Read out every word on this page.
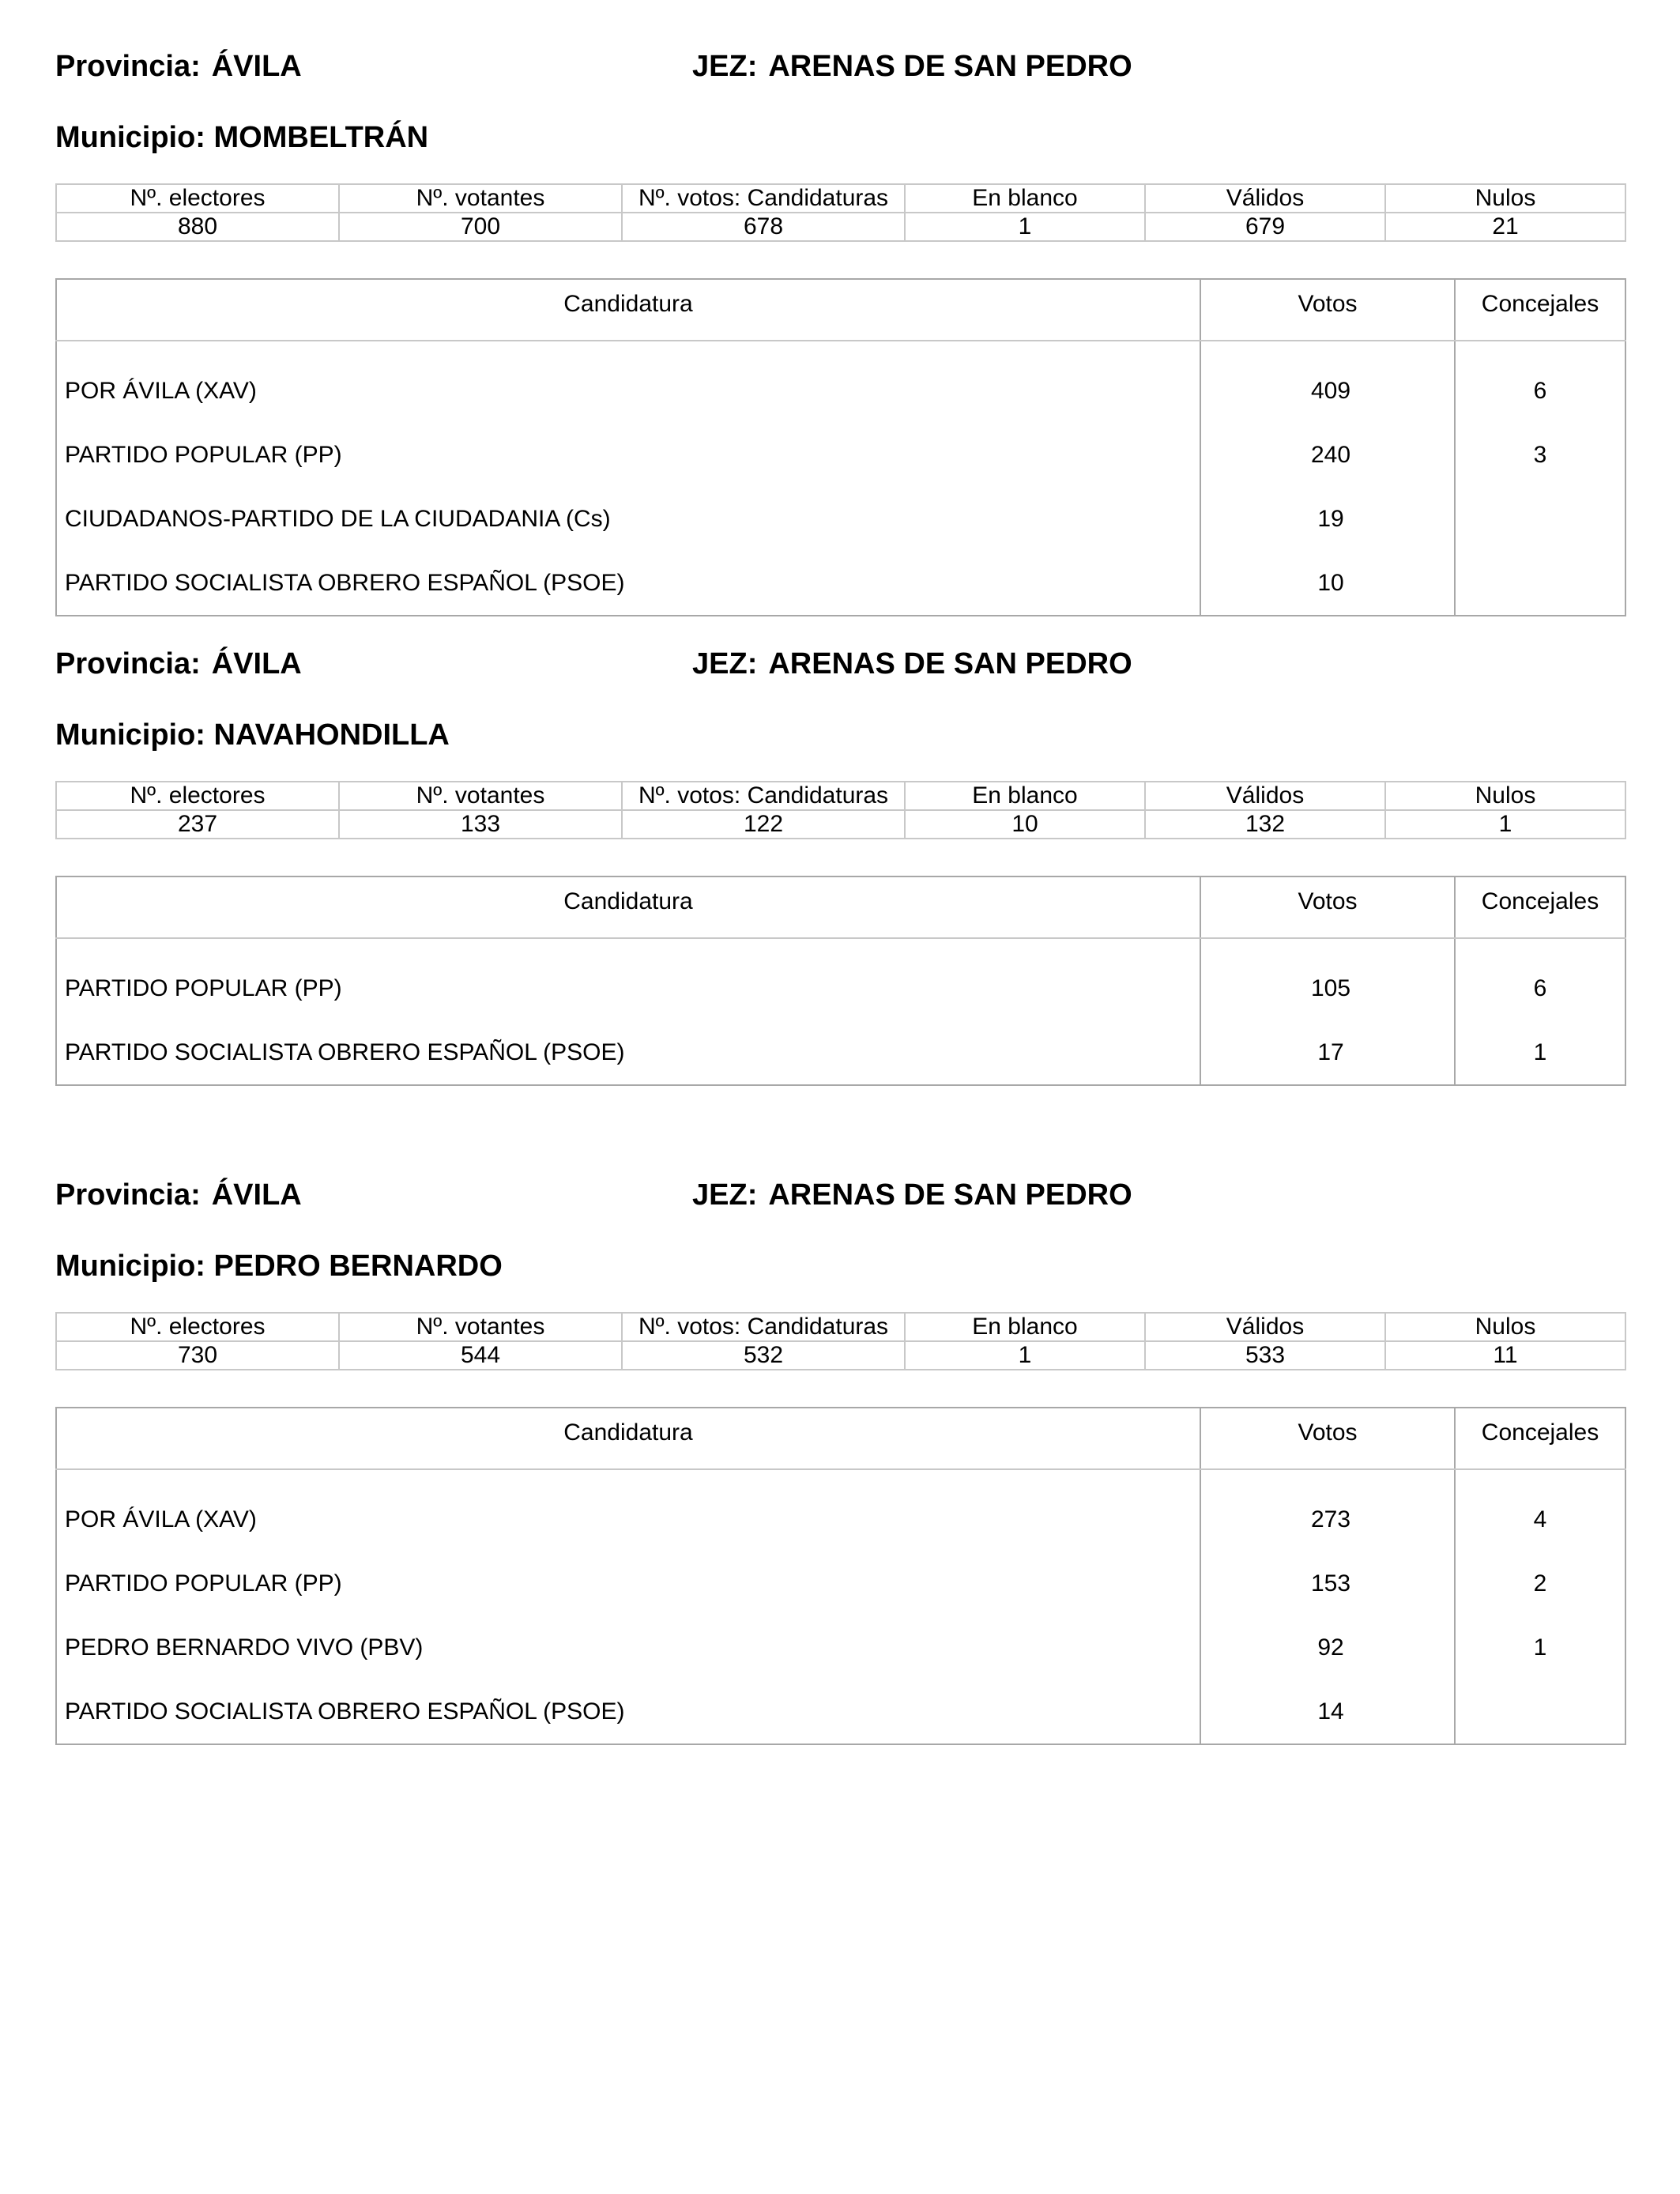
Provincia: ÁVILA	JEZ: ARENAS DE SAN PEDRO
Municipio: MOMBELTRÁN
Nº. electores	Nº. votantes	Nº. votos: Candidaturas	En blanco	Válidos	Nulos
880	700	678	1	679	21
Candidatura	Votos	Concejales
POR ÁVILA (XAV)	409	6
PARTIDO POPULAR (PP)	240	3
CIUDADANOS-PARTIDO DE LA CIUDADANIA (Cs)	19	
PARTIDO SOCIALISTA OBRERO ESPAÑOL (PSOE)	10	
Provincia: ÁVILA	JEZ: ARENAS DE SAN PEDRO
Municipio: NAVAHONDILLA
Nº. electores	Nº. votantes	Nº. votos: Candidaturas	En blanco	Válidos	Nulos
237	133	122	10	132	1
Candidatura	Votos	Concejales
PARTIDO POPULAR (PP)	105	6
PARTIDO SOCIALISTA OBRERO ESPAÑOL (PSOE)	17	1
Provincia: ÁVILA	JEZ: ARENAS DE SAN PEDRO
Municipio: PEDRO BERNARDO
Nº. electores	Nº. votantes	Nº. votos: Candidaturas	En blanco	Válidos	Nulos
730	544	532	1	533	11
Candidatura	Votos	Concejales
POR ÁVILA (XAV)	273	4
PARTIDO POPULAR (PP)	153	2
PEDRO BERNARDO VIVO (PBV)	92	1
PARTIDO SOCIALISTA OBRERO ESPAÑOL (PSOE)	14	
